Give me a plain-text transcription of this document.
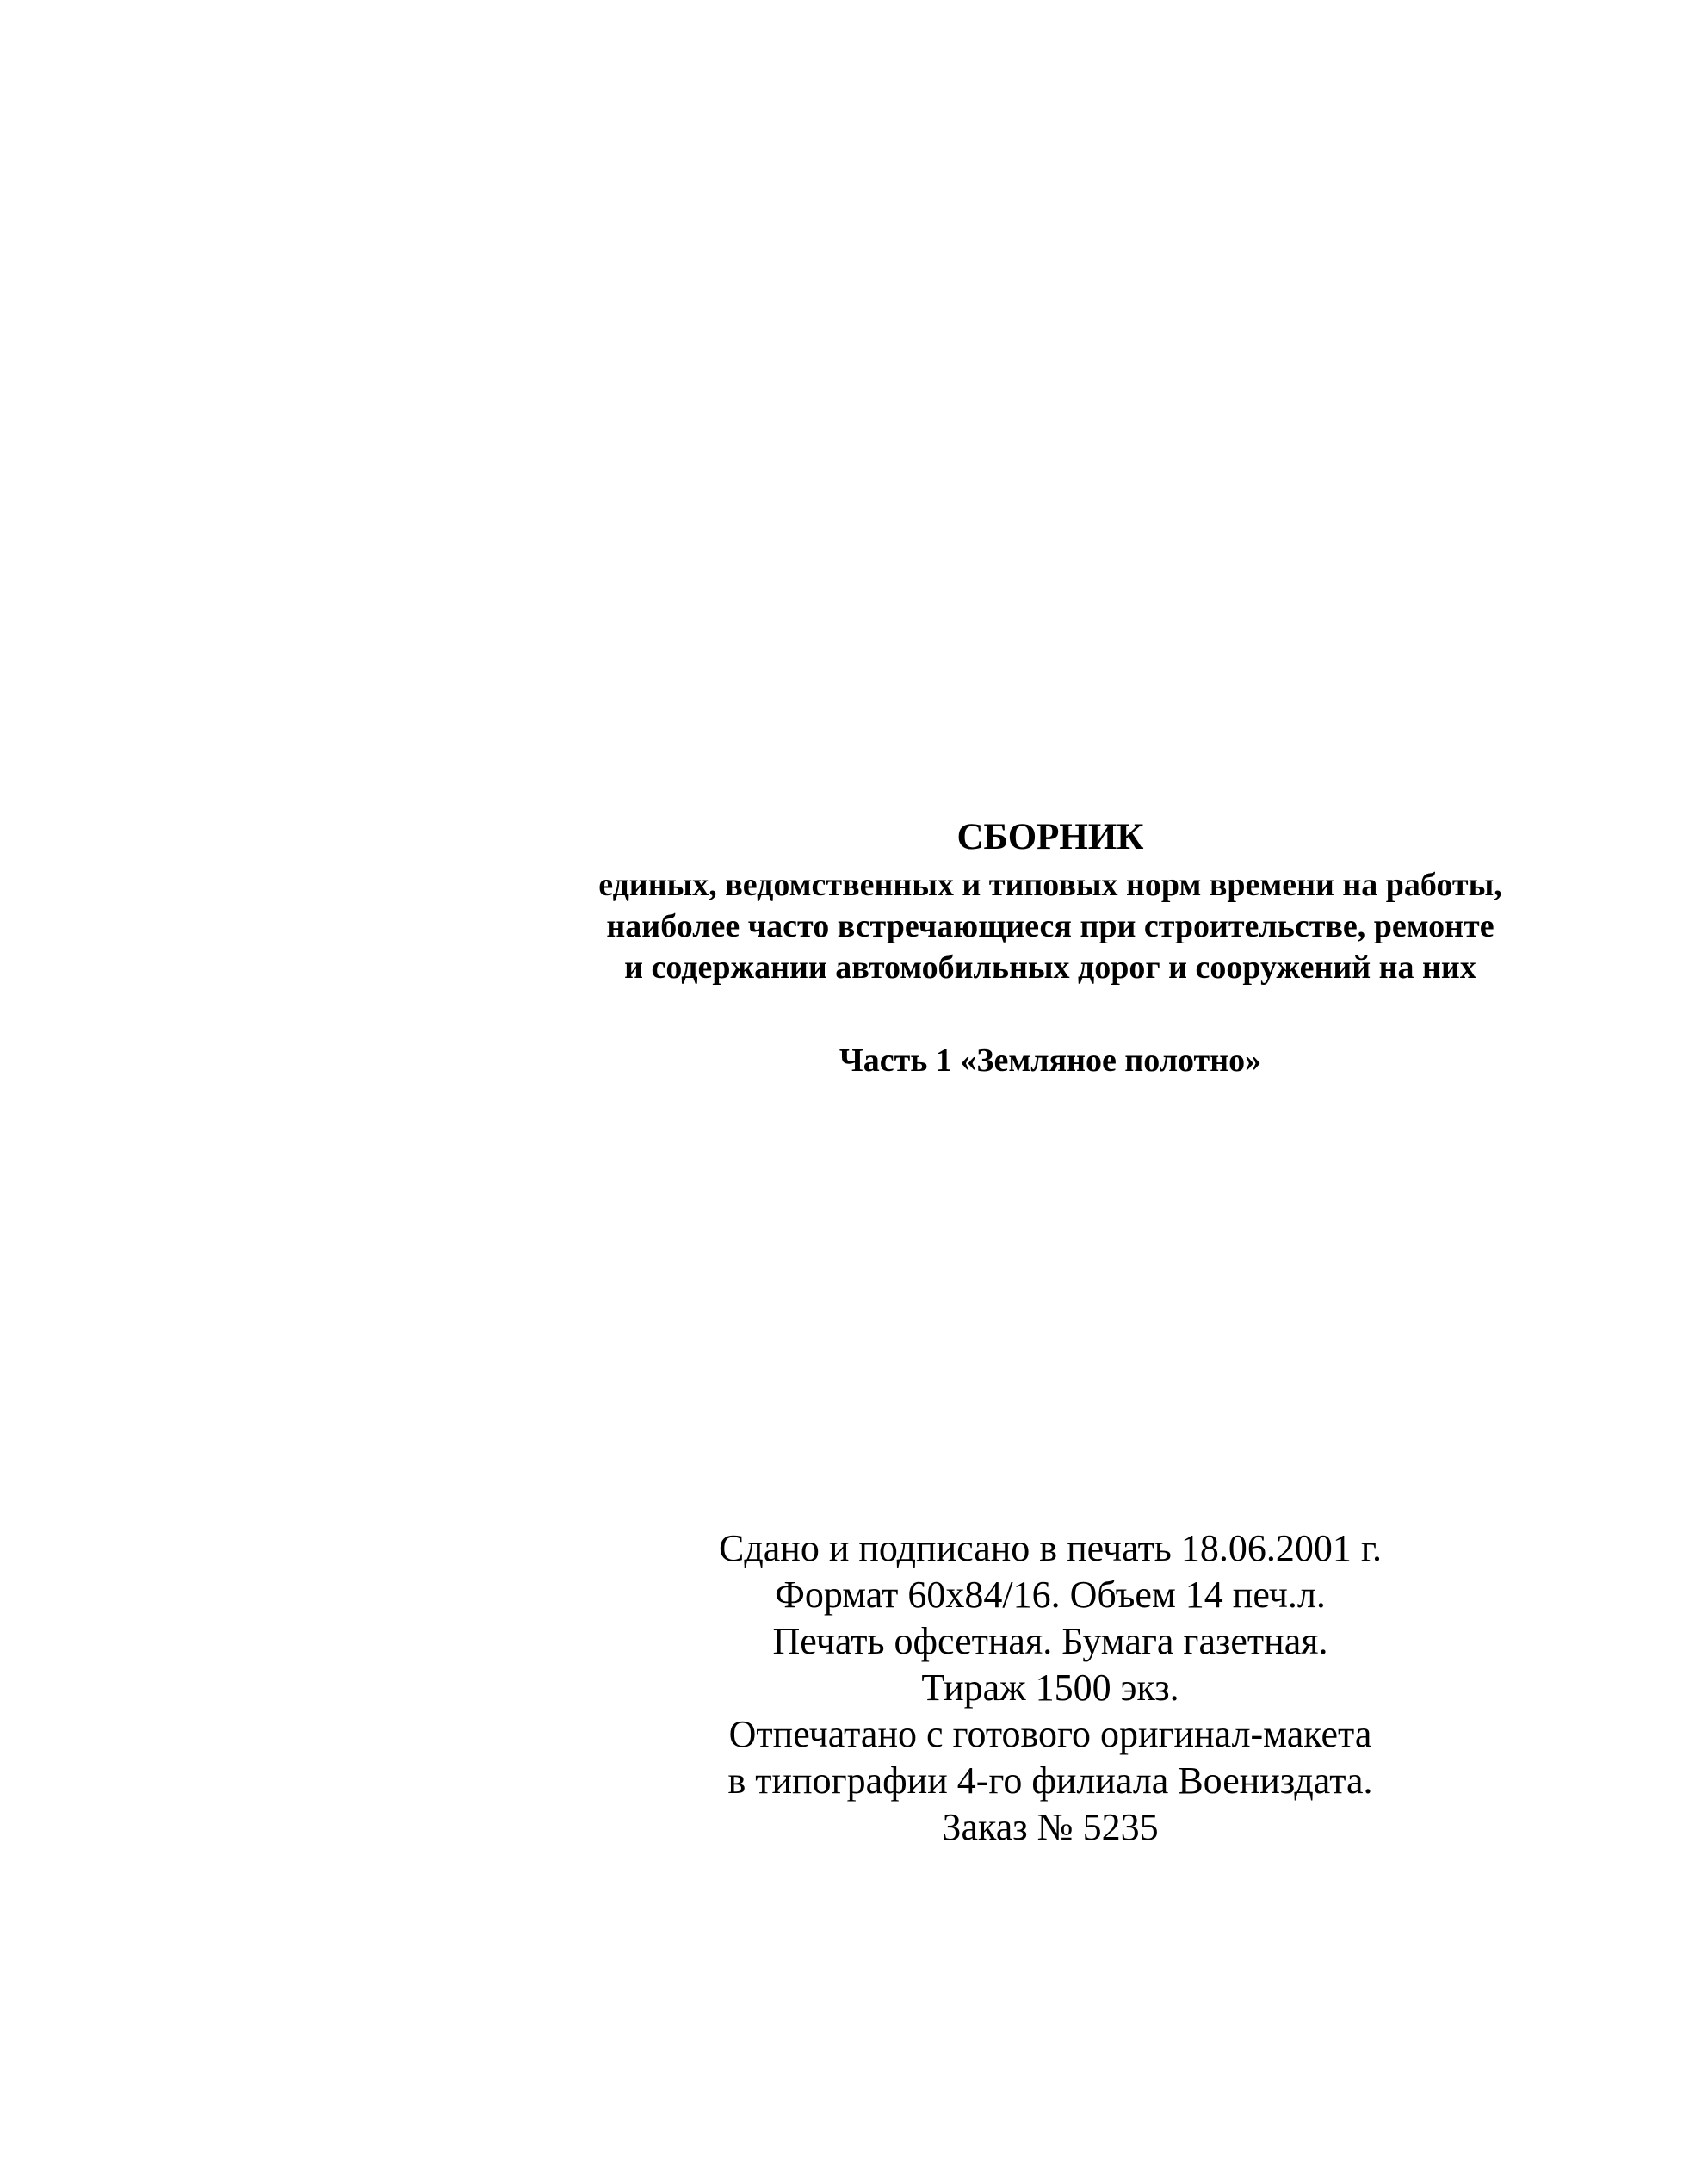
СБОРНИК
единых, ведомственных и типовых норм времени на работы,
наиболее часто встречающиеся при строительстве, ремонте
и содержании автомобильных дорог и сооружений на них
Часть 1 «Земляное полотно»
Сдано и подписано в печать 18.06.2001 г.
Формат 60x84/16. Объем 14 печ.л.
Печать офсетная. Бумага газетная.
Тираж 1500 экз.
Отпечатано с готового оригинал-макета
в типографии 4-го филиала Воениздата.
Заказ № 5235
